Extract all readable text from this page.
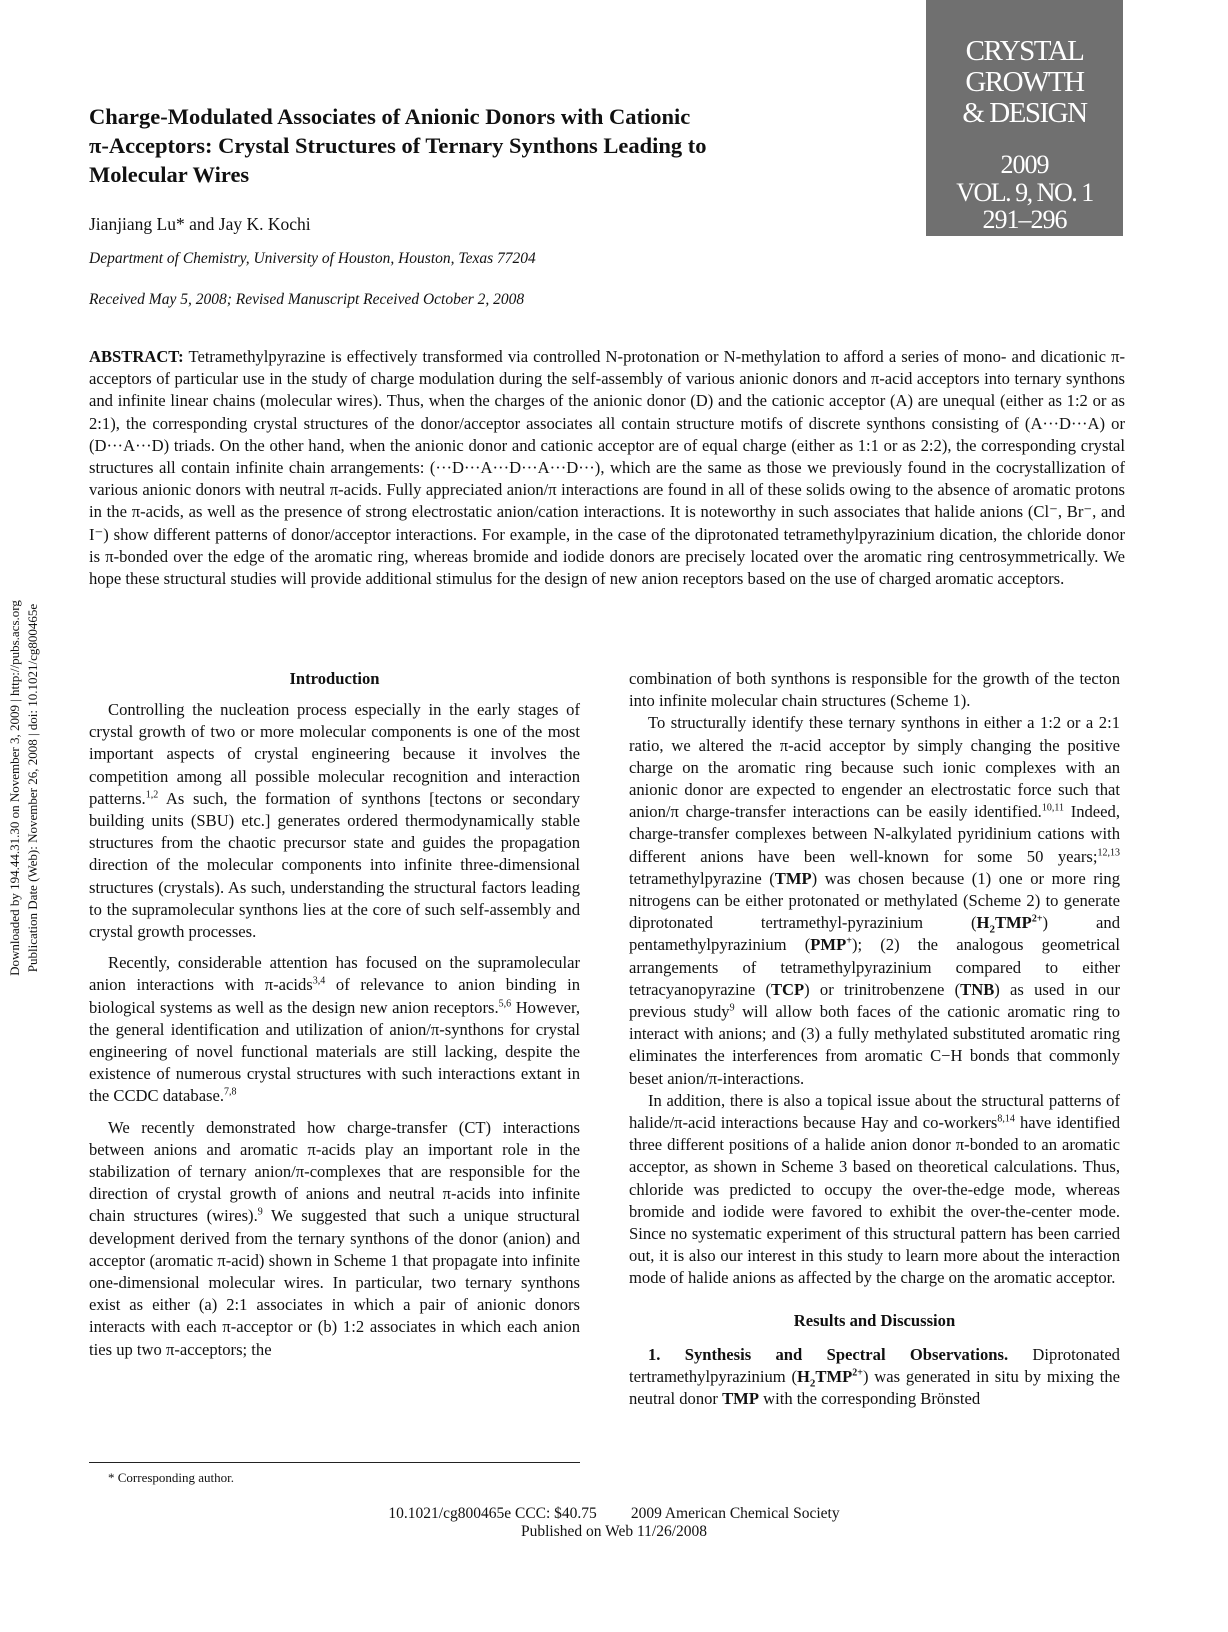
CRYSTAL
GROWTH
& DESIGN
2009
VOL. 9, NO. 1
291–296
Charge-Modulated Associates of Anionic Donors with Cationic
π-Acceptors: Crystal Structures of Ternary Synthons Leading to
Molecular Wires
Jianjiang Lu* and Jay K. Kochi
Department of Chemistry, University of Houston, Houston, Texas 77204
Received May 5, 2008; Revised Manuscript Received October 2, 2008
ABSTRACT: Tetramethylpyrazine is effectively transformed via controlled N-protonation or N-methylation to afford a series of mono- and dicationic π-acceptors of particular use in the study of charge modulation during the self-assembly of various anionic donors and π-acid acceptors into ternary synthons and infinite linear chains (molecular wires). Thus, when the charges of the anionic donor (D) and the cationic acceptor (A) are unequal (either as 1:2 or as 2:1), the corresponding crystal structures of the donor/acceptor associates all contain structure motifs of discrete synthons consisting of (A···D···A) or (D···A···D) triads. On the other hand, when the anionic donor and cationic acceptor are of equal charge (either as 1:1 or as 2:2), the corresponding crystal structures all contain infinite chain arrangements: (···D···A···D···A···D···), which are the same as those we previously found in the cocrystallization of various anionic donors with neutral π-acids. Fully appreciated anion/π interactions are found in all of these solids owing to the absence of aromatic protons in the π-acids, as well as the presence of strong electrostatic anion/cation interactions. It is noteworthy in such associates that halide anions (Cl⁻, Br⁻, and I⁻) show different patterns of donor/acceptor interactions. For example, in the case of the diprotonated tetramethylpyrazinium dication, the chloride donor is π-bonded over the edge of the aromatic ring, whereas bromide and iodide donors are precisely located over the aromatic ring centrosymmetrically. We hope these structural studies will provide additional stimulus for the design of new anion receptors based on the use of charged aromatic acceptors.
Downloaded by 194.44.31.30 on November 3, 2009 | http://pubs.acs.org Publication Date (Web): November 26, 2008 | doi: 10.1021/cg800465e	Introduction

Controlling the nucleation process especially in the early stages of crystal growth of two or more molecular components is one of the most important aspects of crystal engineering because it involves the competition among all possible molecular recognition and interaction patterns.$^{1,2}$ As such, the formation of synthons [tectons or secondary building units (SBU) etc.] generates ordered thermodynamically stable structures from the chaotic precursor state and guides the propagation direction of the molecular components into infinite three-dimensional structures (crystals). As such, understanding the structural factors leading to the supramolecular synthons lies at the core of such self-assembly and crystal growth processes.

Recently, considerable attention has focused on the supramolecular anion interactions with π-acids$^{3,4}$ of relevance to anion binding in biological systems as well as the design new anion receptors.$^{5,6}$ However, the general identification and utilization of anion/π-synthons for crystal engineering of novel functional materials are still lacking, despite the existence of numerous crystal structures with such interactions extant in the CCDC database.$^{7,8}$

We recently demonstrated how charge-transfer (CT) interactions between anions and aromatic π-acids play an important role in the stabilization of ternary anion/π-complexes that are responsible for the direction of crystal growth of anions and neutral π-acids into infinite chain structures (wires).$^9$ We suggested that such a unique structural development derived from the ternary synthons of the donor (anion) and acceptor (aromatic π-acid) shown in Scheme 1 that propagate into infinite one-dimensional molecular wires. In particular, two ternary synthons exist as either (a) 2:1 associates in which a pair of anionic donors interacts with each π-acceptor or (b) 1:2 associates in which each anion ties up two π-acceptors; the

* Corresponding author.

combination of both synthons is responsible for the growth of the tecton into infinite molecular chain structures (Scheme 1).

To structurally identify these ternary synthons in either a 1:2 or a 2:1 ratio, we altered the π-acid acceptor by simply changing the positive charge on the aromatic ring because such ionic complexes with an anionic donor are expected to engender an electrostatic force such that anion/π charge-transfer interactions can be easily identified.$^{10,11}$ Indeed, charge-transfer complexes between N-alkylated pyridinium cations with different anions have been well-known for some 50 years;$^{12,13}$ tetramethylpyrazine (TMP) was chosen because (1) one or more ring nitrogens can be either protonated or methylated (Scheme 2) to generate diprotonated tertramethyl-pyrazinium $(H_2TMP^{2+})$ and pentamethylpyrazinium (PMP+); (2) the analogous geometrical arrangements of tetramethylpyrazinium compared to either tetracyanopyrazine (TCP) or trinitrobenzene (TNB) as used in our previous study$^9$ will allow both faces of the cationic aromatic ring to interact with anions; and (3) a fully methylated substituted aromatic ring eliminates the interferences from aromatic C−H bonds that commonly beset anion/π-interactions.

In addition, there is also a topical issue about the structural patterns of halide/π-acid interactions because Hay and co-workers$^{8,14}$ have identified three different positions of a halide anion donor π-bonded to an aromatic acceptor, as shown in Scheme 3 based on theoretical calculations. Thus, chloride was predicted to occupy the over-the-edge mode, whereas bromide and iodide were favored to exhibit the over-the-center mode. Since no systematic experiment of this structural pattern has been carried out, it is also our interest in this study to learn more about the interaction mode of halide anions as affected by the charge on the aromatic acceptor.

Results and Discussion

1. Synthesis and Spectral Observations. Diprotonated tertramethylpyrazinium $(H_2TMP^{2+})$ was generated in situ by mixing the neutral donor TMP with the corresponding Brönsted

10.1021/cg800465e CCC: $40.75 2009 American Chemical Society
Published on Web 11/26/2008
